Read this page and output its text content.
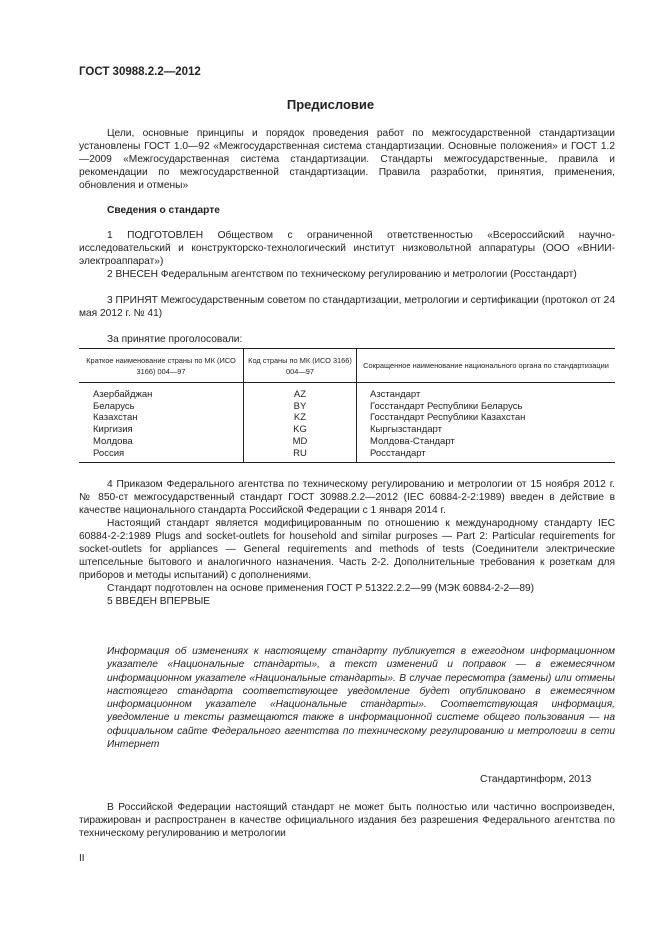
ГОСТ 30988.2.2—2012
Предисловие
Цели, основные принципы и порядок проведения работ по межгосударственной стандартизации установлены ГОСТ 1.0—92 «Межгосударственная система стандартизации. Основные положения» и ГОСТ 1.2—2009 «Межгосударственная система стандартизации. Стандарты межгосударственные, правила и рекомендации по межгосударственной стандартизации. Правила разработки, принятия, применения, обновления и отмены»
Сведения о стандарте
1 ПОДГОТОВЛЕН Обществом с ограниченной ответственностью «Всероссийский научно-исследовательский и конструкторско-технологический институт низковольтной аппаратуры (ООО «ВНИИ-электроаппарат»)
2 ВНЕСЕН Федеральным агентством по техническому регулированию и метрологии (Росстандарт)
3 ПРИНЯТ Межгосударственным советом по стандартизации, метрологии и сертификации (протокол от 24 мая 2012 г. № 41)
За принятие проголосовали:
Краткое наименование страны по МК (ИСО 3166) 004—97	Код страны по МК (ИСО 3166) 004—97	Сокращенное наименование национального органа по стандартизации
Азербайджан	AZ	Азстандарт
Беларусь	BY	Госстандарт Республики Беларусь
Казахстан	KZ	Госстандарт Республики Казахстан
Киргизия	KG	Кыргызстандарт
Молдова	MD	Молдова-Стандарт
Россия	RU	Росстандарт
4 Приказом Федерального агентства по техническому регулированию и метрологии от 15 ноября 2012 г. № 850-ст межгосударственный стандарт ГОСТ 30988.2.2—2012 (IEC 60884-2-2:1989) введен в действие в качестве национального стандарта Российской Федерации с 1 января 2014 г.
Настоящий стандарт является модифицированным по отношению к международному стандарту IEC 60884-2-2:1989 Plugs and socket-outlets for household and similar purposes — Part 2: Particular requirements for socket-outlets for appliances — General requirements and methods of tests (Соединители электрические штепсельные бытового и аналогичного назначения. Часть 2-2. Дополнительные требования к розеткам для приборов и методы испытаний) с дополнениями.
Стандарт подготовлен на основе применения ГОСТ Р 51322.2.2—99 (МЭК 60884-2-2—89)
5 ВВЕДЕН ВПЕРВЫЕ
Информация об изменениях к настоящему стандарту публикуется в ежегодном информационном указателе «Национальные стандарты», а текст изменений и поправок — в ежемесячном информационном указателе «Национальные стандарты». В случае пересмотра (замены) или отмены настоящего стандарта соответствующее уведомление будет опубликовано в ежемесячном информационном указателе «Национальные стандарты». Соответствующая информация, уведомление и тексты размещаются также в информационной системе общего пользования — на официальном сайте Федерального агентства по техническому регулированию и метрологии в сети Интернет
Стандартинформ, 2013
В Российской Федерации настоящий стандарт не может быть полностью или частично воспроизведен, тиражирован и распространен в качестве официального издания без разрешения Федерального агентства по техническому регулированию и метрологии
II
